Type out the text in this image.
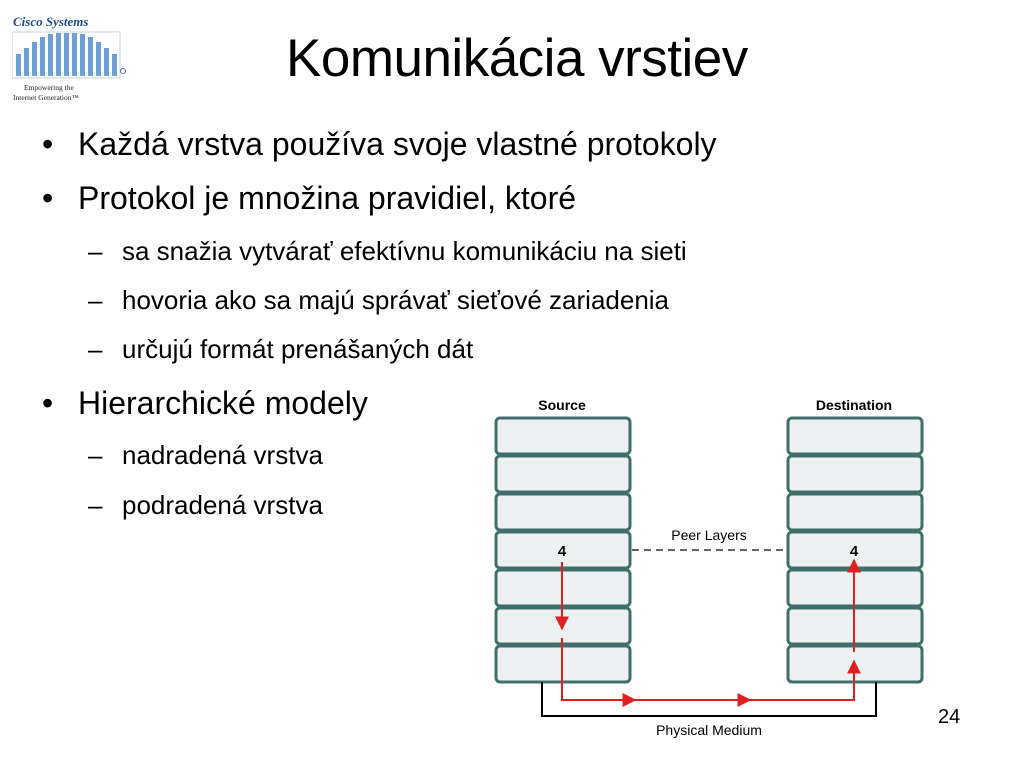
Cisco Systems
Empowering the
Internet Generation™
Komunikácia vrstiev
• Každá vrstva používa svoje vlastné protokoly
• Protokol je množina pravidiel, ktoré
– sa snažia vytvárať efektívnu komunikáciu na sieti
– hovoria ako sa majú správať sieťové zariadenia
– určujú formát prenášaných dát
• Hierarchické modely
– nadradená vrstva
– podradená vrstva
Source	Destination
4	4
Peer Layers
Physical Medium
24
